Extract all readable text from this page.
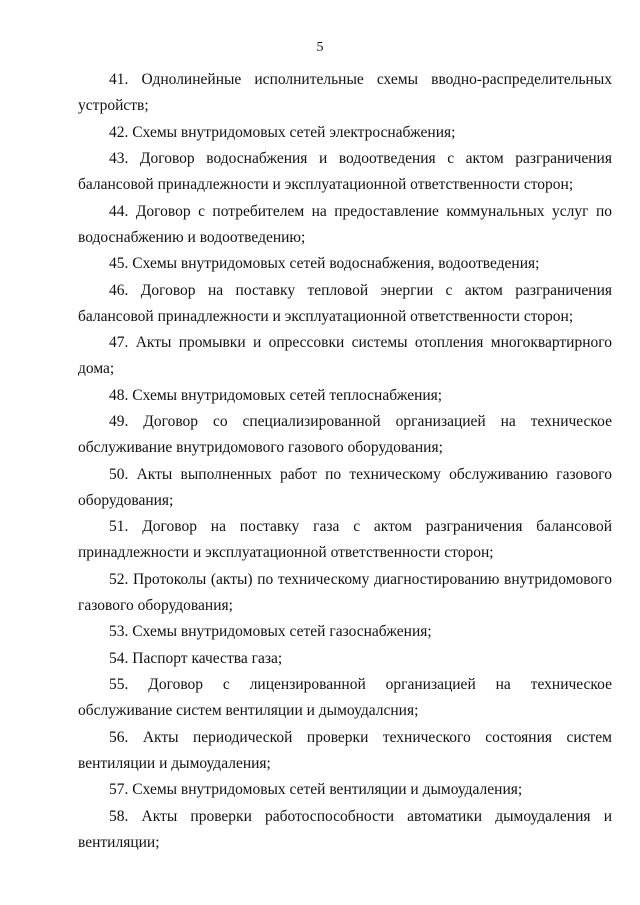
5

41. Однолинейные исполнительные схемы вводно-распределительных устройств;

42. Схемы внутридомовых сетей электроснабжения;

43. Договор водоснабжения и водоотведения с актом разграничения балансовой принадлежности и эксплуатационной ответственности сторон;

44. Договор с потребителем на предоставление коммунальных услуг по водоснабжению и водоотведению;

45. Схемы внутридомовых сетей водоснабжения, водоотведения;

46. Договор на поставку тепловой энергии с актом разграничения балансовой принадлежности и эксплуатационной ответственности сторон;

47. Акты промывки и опрессовки системы отопления многоквартирного дома;

48. Схемы внутридомовых сетей теплоснабжения;

49. Договор со специализированной организацией на техническое обслуживание внутридомового газового оборудования;

50. Акты выполненных работ по техническому обслуживанию газового оборудования;

51. Договор на поставку газа с актом разграничения балансовой принадлежности и эксплуатационной ответственности сторон;

52. Протоколы (акты) по техническому диагностированию внутридомового газового оборудования;

53. Схемы внутридомовых сетей газоснабжения;

54. Паспорт качества газа;

55. Договор с лицензированной организацией на техническое обслуживание систем вентиляции и дымоудалсния;

56. Акты периодической проверки технического состояния систем вентиляции и дымоудаления;

57. Схемы внутридомовых сетей вентиляции и дымоудаления;

58. Акты проверки работоспособности автоматики дымоудаления и вентиляции;
